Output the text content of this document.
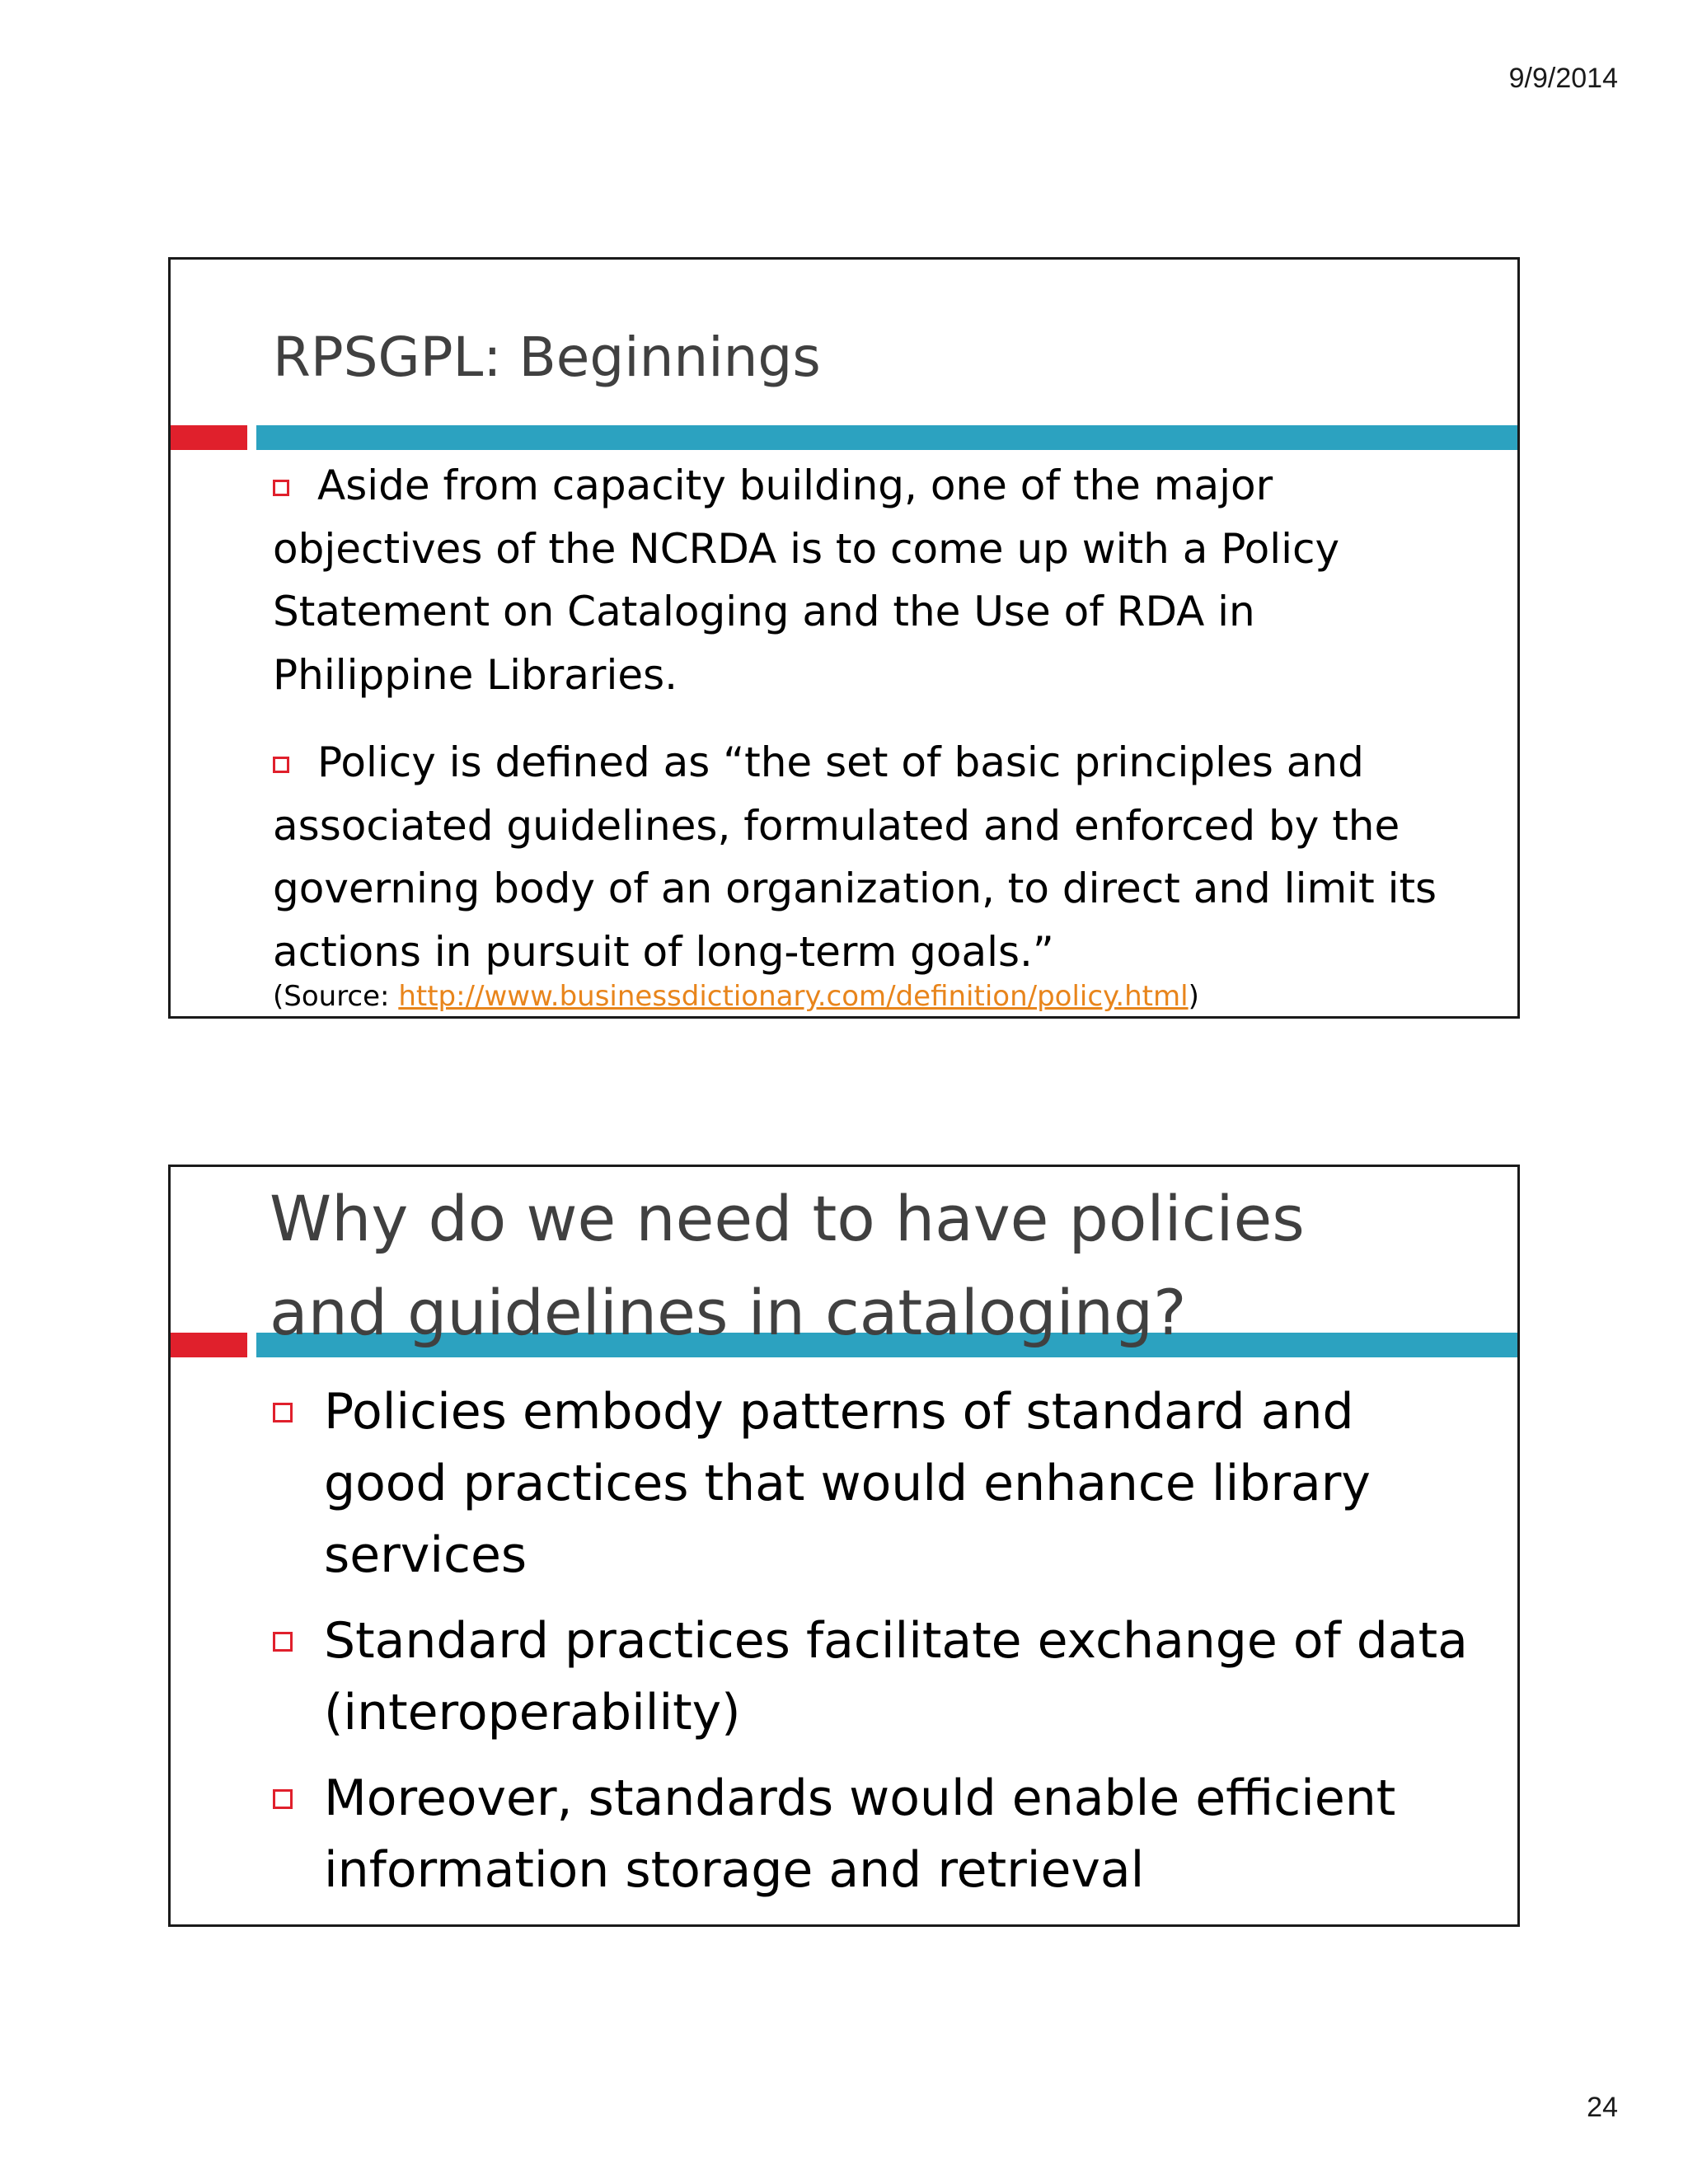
9/9/2014
RPSGPL: Beginnings
Aside from capacity building, one of the major objectives of the NCRDA is to come up with a Policy Statement on Cataloging and the Use of RDA in Philippine Libraries.
Policy is defined as “the set of basic principles and associated guidelines, formulated and enforced by the governing body of an organization, to direct and limit its actions in pursuit of long-term goals.”
(Source: http://www.businessdictionary.com/definition/policy.html)
Why do we need to have policies and guidelines in cataloging?
Policies embody patterns of standard and good practices that would enhance library services
Standard practices facilitate exchange of data (interoperability)
Moreover, standards would enable efficient information storage and retrieval
24
